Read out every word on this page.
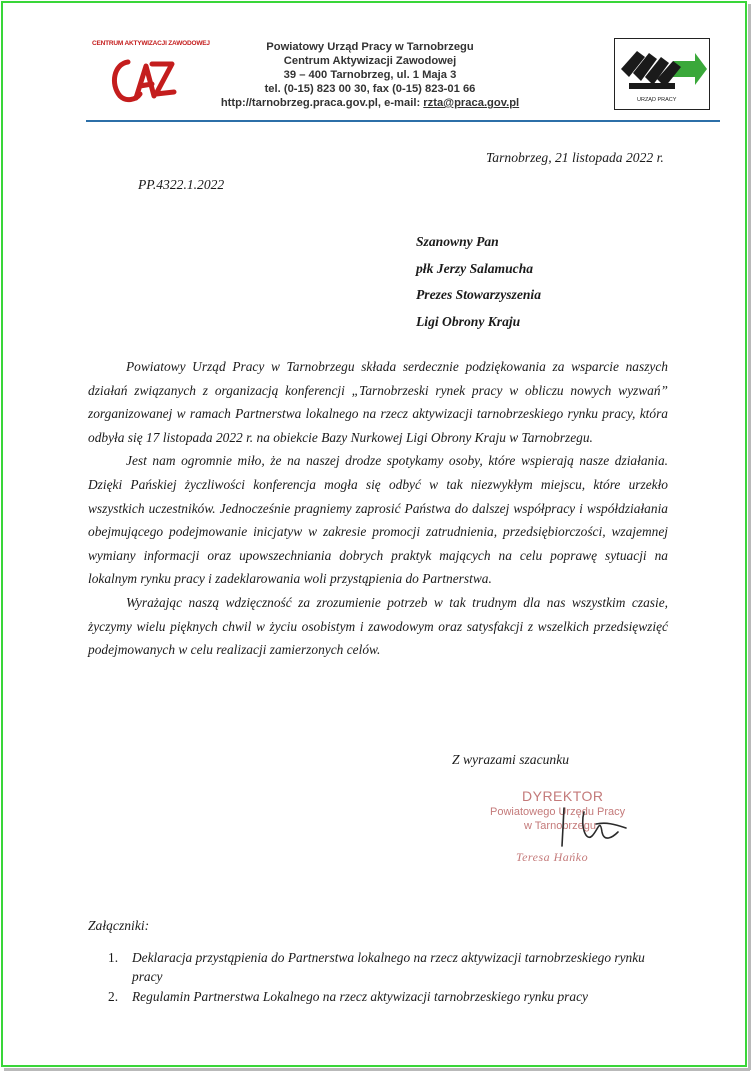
CENTRUM AKTYWIZACJI ZAWODOWEJ	Powiatowy Urząd Pracy w Tarnobrzegu
Centrum Aktywizacji Zawodowej
39 – 400 Tarnobrzeg, ul. 1 Maja 3
tel. (0-15) 823 00 30, fax (0-15) 823-01 66
http://tarnobrzeg.praca.gov.pl, e-mail: rzta@praca.gov.pl	URZĄD PRACY
Tarnobrzeg, 21 listopada 2022 r.
PP.4322.1.2022
Szanowny Pan
płk Jerzy Salamucha
Prezes Stowarzyszenia
Ligi Obrony Kraju

Powiatowy Urząd Pracy w Tarnobrzegu składa serdecznie podziękowania za wsparcie naszych działań związanych z organizacją konferencji „Tarnobrzeski rynek pracy w obliczu nowych wyzwań” zorganizowanej w ramach Partnerstwa lokalnego na rzecz aktywizacji tarnobrzeskiego rynku pracy, która odbyła się 17 listopada 2022 r. na obiekcie Bazy Nurkowej Ligi Obrony Kraju w Tarnobrzegu.

Jest nam ogromnie miło, że na naszej drodze spotykamy osoby, które wspierają nasze działania. Dzięki Pańskiej życzliwości konferencja mogła się odbyć w tak niezwykłym miejscu, które urzekło wszystkich uczestników. Jednocześnie pragniemy zaprosić Państwa do dalszej współpracy i współdziałania obejmującego podejmowanie inicjatyw w zakresie promocji zatrudnienia, przedsiębiorczości, wzajemnej wymiany informacji oraz upowszechniania dobrych praktyk mających na celu poprawę sytuacji na lokalnym rynku pracy i zadeklarowania woli przystąpienia do Partnerstwa.

Wyrażając naszą wdzięczność za zrozumienie potrzeb w tak trudnym dla nas wszystkim czasie, życzymy wielu pięknych chwil w życiu osobistym i zawodowym oraz satysfakcji z wszelkich przedsięwzięć podejmowanych w celu realizacji zamierzonych celów.

Z wyrazami szacunku
DYREKTOR
Powiatowego Urzędu Pracy
w Tarnobrzegu
Teresa Hańko
Załączniki:
1. Deklaracja przystąpienia do Partnerstwa lokalnego na rzecz aktywizacji tarnobrzeskiego rynku pracy
2. Regulamin Partnerstwa Lokalnego na rzecz aktywizacji tarnobrzeskiego rynku pracy
